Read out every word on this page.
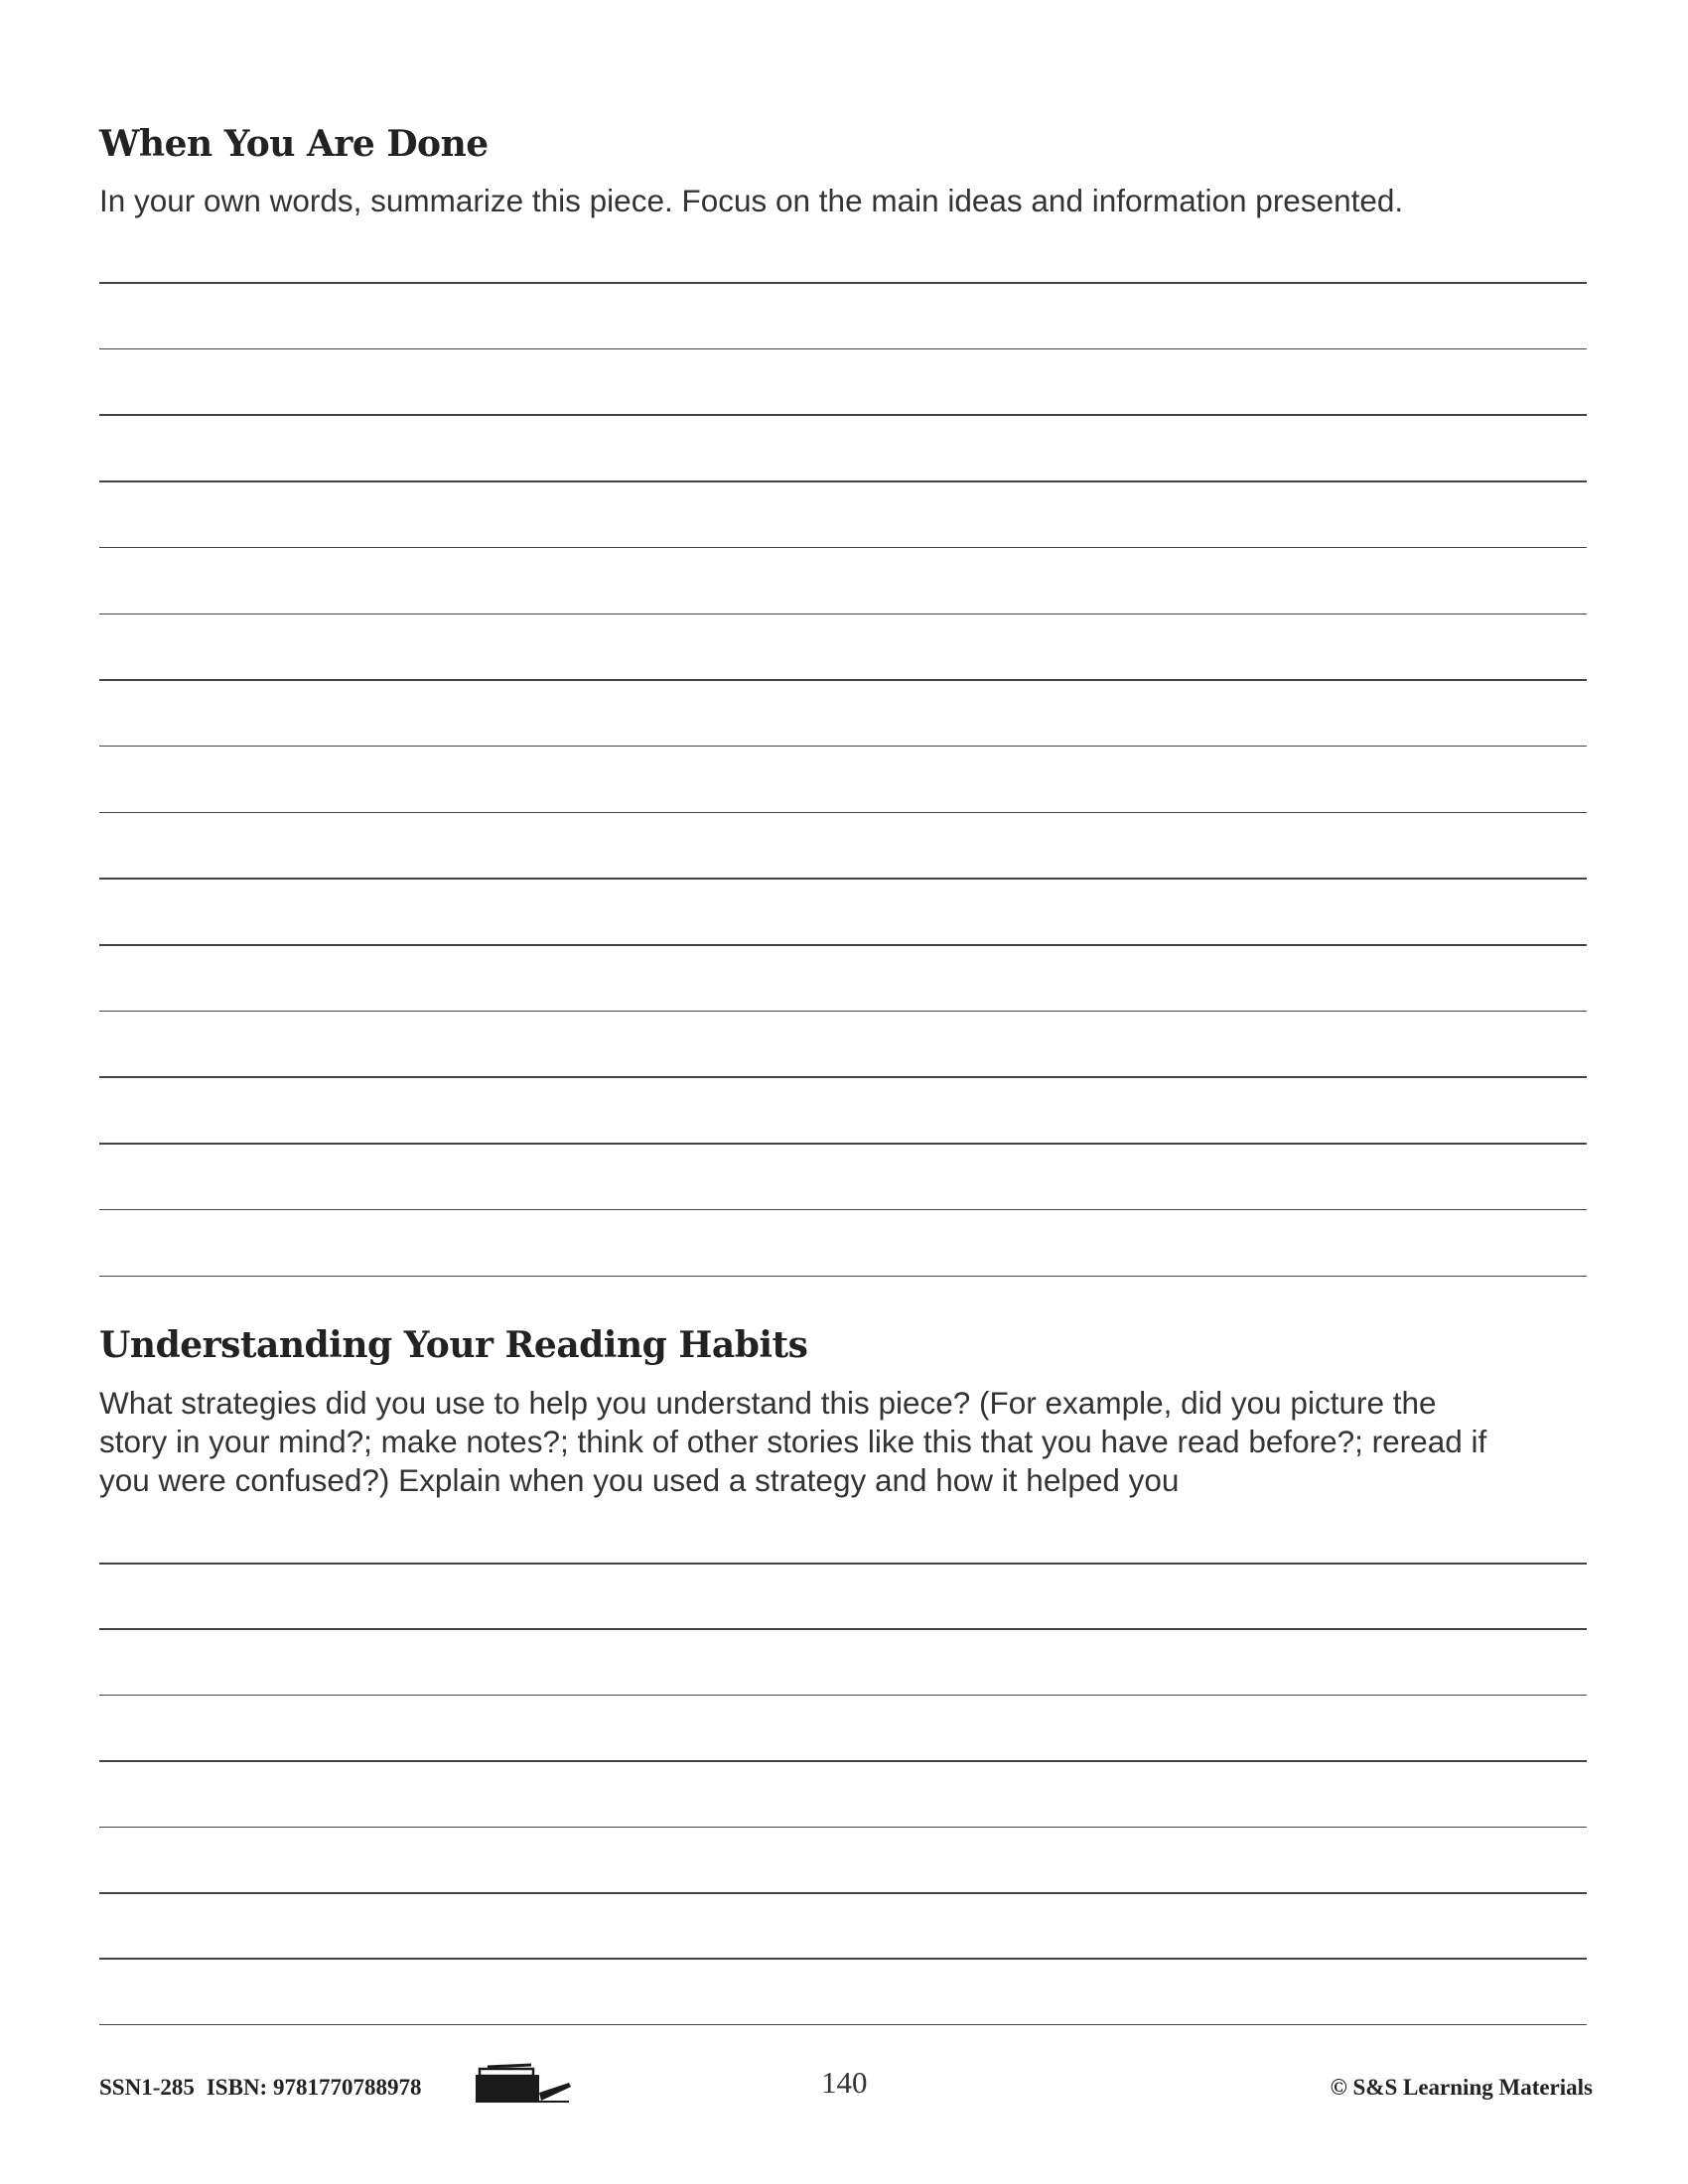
When You Are Done

In your own words, summarize this piece. Focus on the main ideas and information presented.

Understanding Your Reading Habits
What strategies did you use to help you understand this piece? (For example, did you picture the
story in your mind?; make notes?; think of other stories like this that you have read before?; reread if
you were confused?) Explain when you used a strategy and how it helped you
SSN1-285 ISBN: 9781770788978	140	© S&S Learning Materials
